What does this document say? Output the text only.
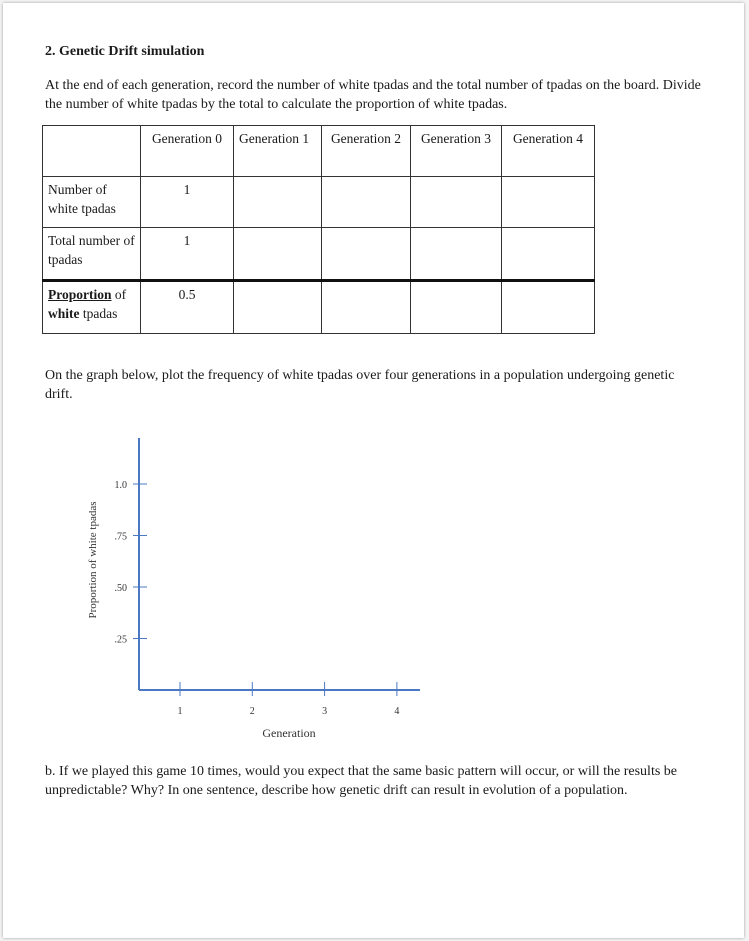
2. Genetic Drift simulation
At the end of each generation, record the number of white tpadas and the total number of tpadas on the board. Divide the number of white tpadas by the total to calculate the proportion of white tpadas.
	Generation 0	Generation 1	Generation 2	Generation 3	Generation 4
Number of white tpadas	1				
Total number of tpadas	1				
Proportion of white tpadas	0.5				
On the graph below, plot the frequency of white tpadas over four generations in a population undergoing genetic drift.
1.0
.75
.50
.25
1	2	3	4
Proportion of white tpadas
Generation
b. If we played this game 10 times, would you expect that the same basic pattern will occur, or will the results be unpredictable? Why? In one sentence, describe how genetic drift can result in evolution of a population.
